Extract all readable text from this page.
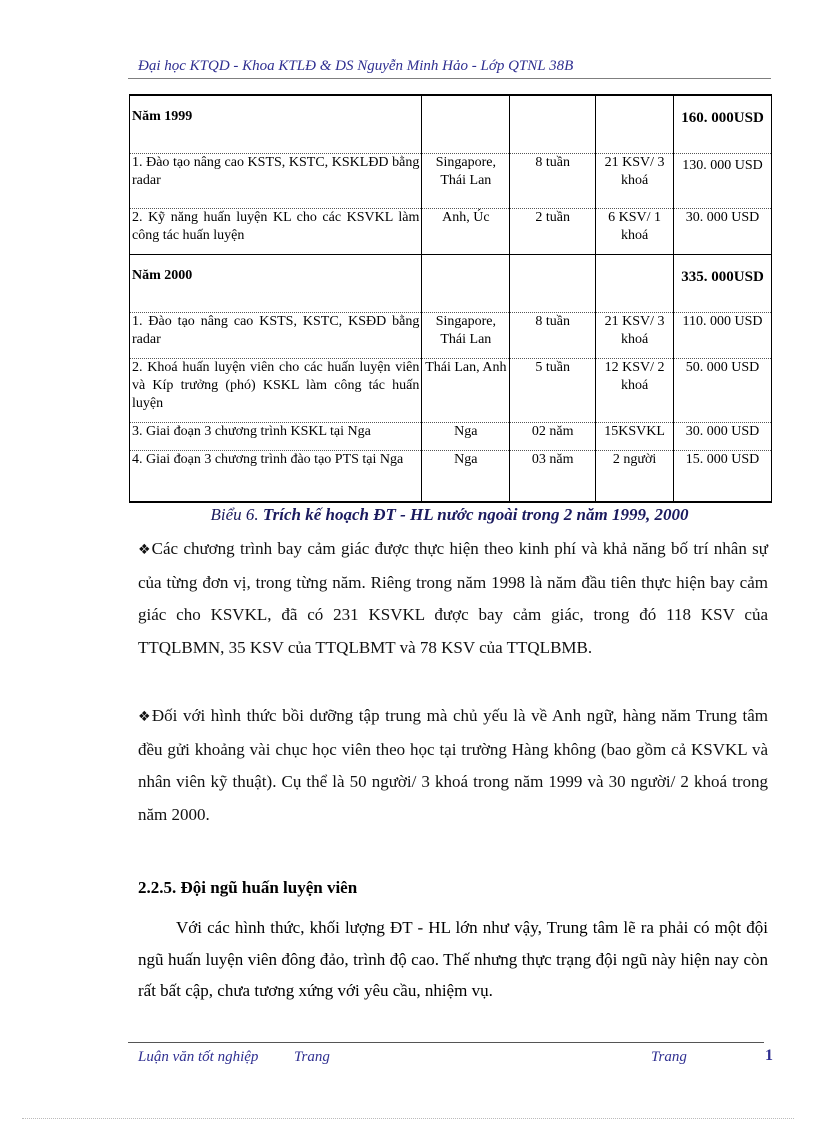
Đại học KTQD - Khoa KTLĐ & DS Nguyễn Minh Hảo - Lớp QTNL 38B
Năm 1999				160. 000USD
1. Đào tạo nâng cao KSTS, KSTC, KSKLĐD bằng radar	Singapore, Thái Lan	8 tuần	21 KSV/ 3 khoá	130. 000 USD
2. Kỹ năng huấn luyện KL cho các KSVKL làm công tác huấn luyện	Anh, Úc	2 tuần	6 KSV/ 1 khoá	30. 000 USD
Năm 2000				335. 000USD
1. Đào tạo nâng cao KSTS, KSTC, KSĐD bằng radar	Singapore, Thái Lan	8 tuần	21 KSV/ 3 khoá	110. 000 USD
2. Khoá huấn luyện viên cho các huấn luyện viên và Kíp trưởng (phó) KSKL làm công tác huấn luyện	Thái Lan, Anh	5 tuần	12 KSV/ 2 khoá	50. 000 USD
3. Giai đoạn 3 chương trình KSKL tại Nga	Nga	02 năm	15KSVKL	30. 000 USD
4. Giai đoạn 3 chương trình đào tạo PTS tại Nga	Nga	03 năm	2 người	15. 000 USD
Biểu 6. Trích kế hoạch ĐT - HL nước ngoài trong 2 năm 1999, 2000
❖Các chương trình bay cảm giác được thực hiện theo kinh phí và khả năng bố trí nhân sự của từng đơn vị, trong từng năm. Riêng trong năm 1998 là năm đầu tiên thực hiện bay cảm giác cho KSVKL, đã có 231 KSVKL được bay cảm giác, trong đó 118 KSV của TTQLBMN, 35 KSV của TTQLBMT và 78 KSV của TTQLBMB.
❖Đối với hình thức bồi dưỡng tập trung mà chủ yếu là về Anh ngữ, hàng năm Trung tâm đều gửi khoảng vài chục học viên theo học tại trường Hàng không (bao gồm cả KSVKL và nhân viên kỹ thuật). Cụ thể là 50 người/ 3 khoá trong năm 1999 và 30 người/ 2 khoá trong năm 2000.
2.2.5. Đội ngũ huấn luyện viên
Với các hình thức, khối lượng ĐT - HL lớn như vậy, Trung tâm lẽ ra phải có một đội ngũ huấn luyện viên đông đảo, trình độ cao. Thế nhưng thực trạng đội ngũ này hiện nay còn rất bất cập, chưa tương xứng với yêu cầu, nhiệm vụ.
Luận văn tốt nghiệp Trang	Trang	1
